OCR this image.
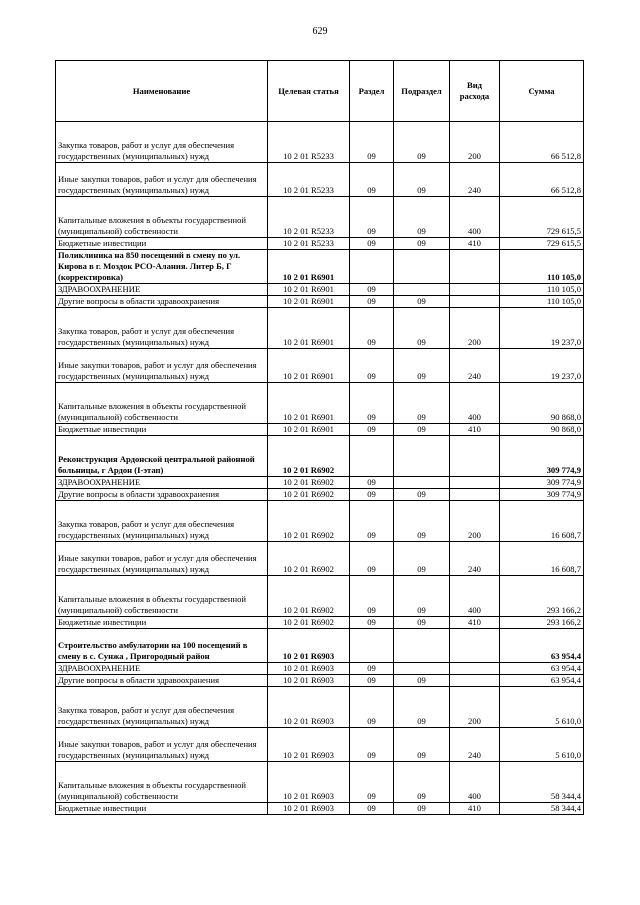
629
Наименование	Целевая статья	Раздел	Подраздел	Вид расхода	Сумма
Закупка товаров, работ и услуг для обеспечения государственных (муниципальных) нужд	10 2 01 R5233	09	09	200	66 512,8
Иные закупки товаров, работ и услуг для обеспечения государственных (муниципальных) нужд	10 2 01 R5233	09	09	240	66 512,8
Капитальные вложения в объекты государственной (муниципальной) собственности	10 2 01 R5233	09	09	400	729 615,5
Бюджетные инвестиции	10 2 01 R5233	09	09	410	729 615,5
Поликлиника на 850 посещений в смену по ул. Кирова в г. Моздок РСО-Алания. Литер Б, Г (корректировка)	10 2 01 R6901				110 105,0
ЗДРАВООХРАНЕНИЕ	10 2 01 R6901	09			110 105,0
Другие вопросы в области здравоохранения	10 2 01 R6901	09	09		110 105,0
Закупка товаров, работ и услуг для обеспечения государственных (муниципальных) нужд	10 2 01 R6901	09	09	200	19 237,0
Иные закупки товаров, работ и услуг для обеспечения государственных (муниципальных) нужд	10 2 01 R6901	09	09	240	19 237,0
Капитальные вложения в объекты государственной (муниципальной) собственности	10 2 01 R6901	09	09	400	90 868,0
Бюджетные инвестиции	10 2 01 R6901	09	09	410	90 868,0
Реконструкция Ардонской центральной районной больницы, г Ардон (I-этап)	10 2 01 R6902				309 774,9
ЗДРАВООХРАНЕНИЕ	10 2 01 R6902	09			309 774,9
Другие вопросы в области здравоохранения	10 2 01 R6902	09	09		309 774,9
Закупка товаров, работ и услуг для обеспечения государственных (муниципальных) нужд	10 2 01 R6902	09	09	200	16 608,7
Иные закупки товаров, работ и услуг для обеспечения государственных (муниципальных) нужд	10 2 01 R6902	09	09	240	16 608,7
Капитальные вложения в объекты государственной (муниципальной) собственности	10 2 01 R6902	09	09	400	293 166,2
Бюджетные инвестиции	10 2 01 R6902	09	09	410	293 166,2
Строительство амбулатории на 100 посещений в смену в с. Сунжа , Пригородный район	10 2 01 R6903				63 954,4
ЗДРАВООХРАНЕНИЕ	10 2 01 R6903	09			63 954,4
Другие вопросы в области здравоохранения	10 2 01 R6903	09	09		63 954,4
Закупка товаров, работ и услуг для обеспечения государственных (муниципальных) нужд	10 2 01 R6903	09	09	200	5 610,0
Иные закупки товаров, работ и услуг для обеспечения государственных (муниципальных) нужд	10 2 01 R6903	09	09	240	5 610,0
Капитальные вложения в объекты государственной (муниципальной) собственности	10 2 01 R6903	09	09	400	58 344,4
Бюджетные инвестиции	10 2 01 R6903	09	09	410	58 344,4
